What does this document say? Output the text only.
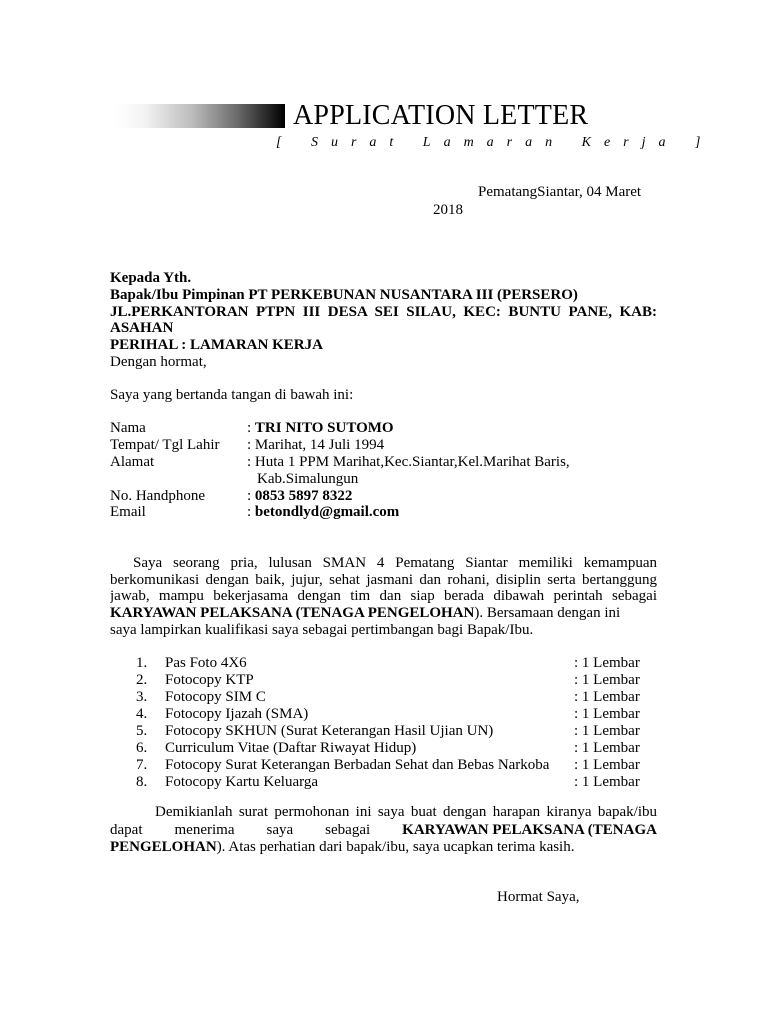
APPLICATION LETTER
[ Surat Lamaran Kerja ]
PematangSiantar, 04 Maret
2018
Kepada Yth.
Bapak/Ibu Pimpinan PT PERKEBUNAN NUSANTARA III (PERSERO)
JL.PERKANTORAN PTPN III DESA SEI SILAU, KEC: BUNTU PANE, KAB:
ASAHAN
PERIHAL : LAMARAN KERJA
Dengan hormat,
Saya yang bertanda tangan di bawah ini:
Nama	: TRI NITO SUTOMO
Tempat/ Tgl Lahir : Marihat, 14 Juli 1994
Alamat	: Huta 1 PPM Marihat,Kec.Siantar,Kel.Marihat Baris,
Kab.Simalungun
No. Handphone	: 0853 5897 8322
Email	: betondlyd@gmail.com
Saya seorang pria, lulusan SMAN 4 Pematang Siantar memiliki kemampuan
berkomunikasi dengan baik, jujur, sehat jasmani dan rohani, disiplin serta bertanggung
jawab, mampu bekerjasama dengan tim dan siap berada dibawah perintah sebagai
KARYAWAN PELAKSANA (TENAGA PENGELOHAN). Bersamaan dengan ini
saya lampirkan kualifikasi saya sebagai pertimbangan bagi Bapak/Ibu.
1. Pas Foto 4X6	: 1 Lembar
2. Fotocopy KTP	: 1 Lembar
3. Fotocopy SIM C	: 1 Lembar
4. Fotocopy Ijazah (SMA)	: 1 Lembar
5. Fotocopy SKHUN (Surat Keterangan Hasil Ujian UN)	: 1 Lembar
6. Curriculum Vitae (Daftar Riwayat Hidup)	: 1 Lembar
7. Fotocopy Surat Keterangan Berbadan Sehat dan Bebas Narkoba : 1 Lembar
8. Fotocopy Kartu Keluarga	: 1 Lembar
Demikianlah surat permohonan ini saya buat dengan harapan kiranya bapak/ibu
dapat menerima saya sebagai KARYAWAN PELAKSANA (TENAGA
PENGELOHAN). Atas perhatian dari bapak/ibu, saya ucapkan terima kasih.
Hormat Saya,
